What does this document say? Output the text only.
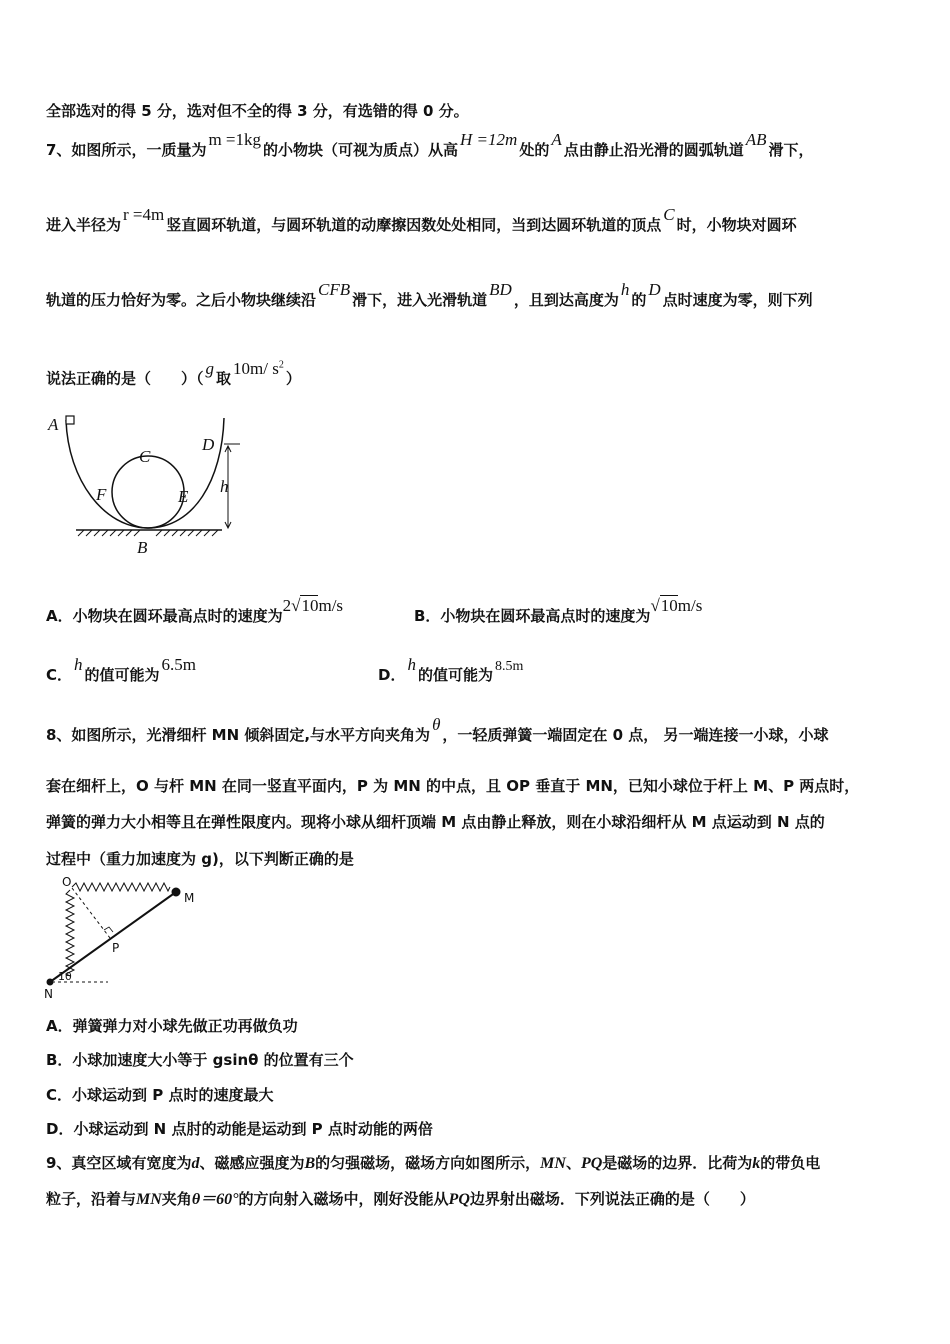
全部选对的得 5 分，选对但不全的得 3 分，有选错的得 0 分。
7、如图所示，一质量为m =1kg的小物块（可视为质点）从高H =12m处的A点由静止沿光滑的圆弧轨道AB滑下，
进入半径为r =4m竖直圆环轨道，与圆环轨道的动摩擦因数处处相同，当到达圆环轨道的顶点C时，小物块对圆环
轨道的压力恰好为零。之后小物块继续沿CFB滑下，进入光滑轨道BD，且到达高度为h的D点时速度为零，则下列
说法正确的是（　　）（g取10m/ $s^2$）
A
C
D
F	E
h
B
A．小物块在圆环最高点时的速度为2√10m/s
B．小物块在圆环最高点时的速度为√10m/s
C．h的值可能为6.5m
D．h的值可能为 8.5m
8、如图所示，光滑细杆 MN 倾斜固定,与水平方向夹角为θ，一轻质弹簧一端固定在 0 点， 另一端连接一小球，小球
套在细杆上，O 与杆 MN 在同一竖直平面内，P 为 MN 的中点，且 OP 垂直于 MN，已知小球位于杆上 M、P 两点时，
弹簧的弹力大小相等且在弹性限度内。现将小球从细杆顶端 M 点由静止释放，则在小球沿细杆从 M 点运动到 N 点的
过程中（重力加速度为 g)，以下判断正确的是
O
M
P
N
1θ
A．弹簧弹力对小球先做正功再做负功
B．小球加速度大小等于 gsinθ 的位置有三个
C．小球运动到 P 点时的速度最大
D．小球运动到 N 点肘的动能是运动到 P 点时动能的两倍
9、真空区域有宽度为d、磁感应强度为B的匀强磁场，磁场方向如图所示，MN、PQ是磁场的边界．比荷为k的带负电
粒子，沿着与MN夹角θ＝60°的方向射入磁场中，刚好没能从PQ边界射出磁场．下列说法正确的是（　　）
